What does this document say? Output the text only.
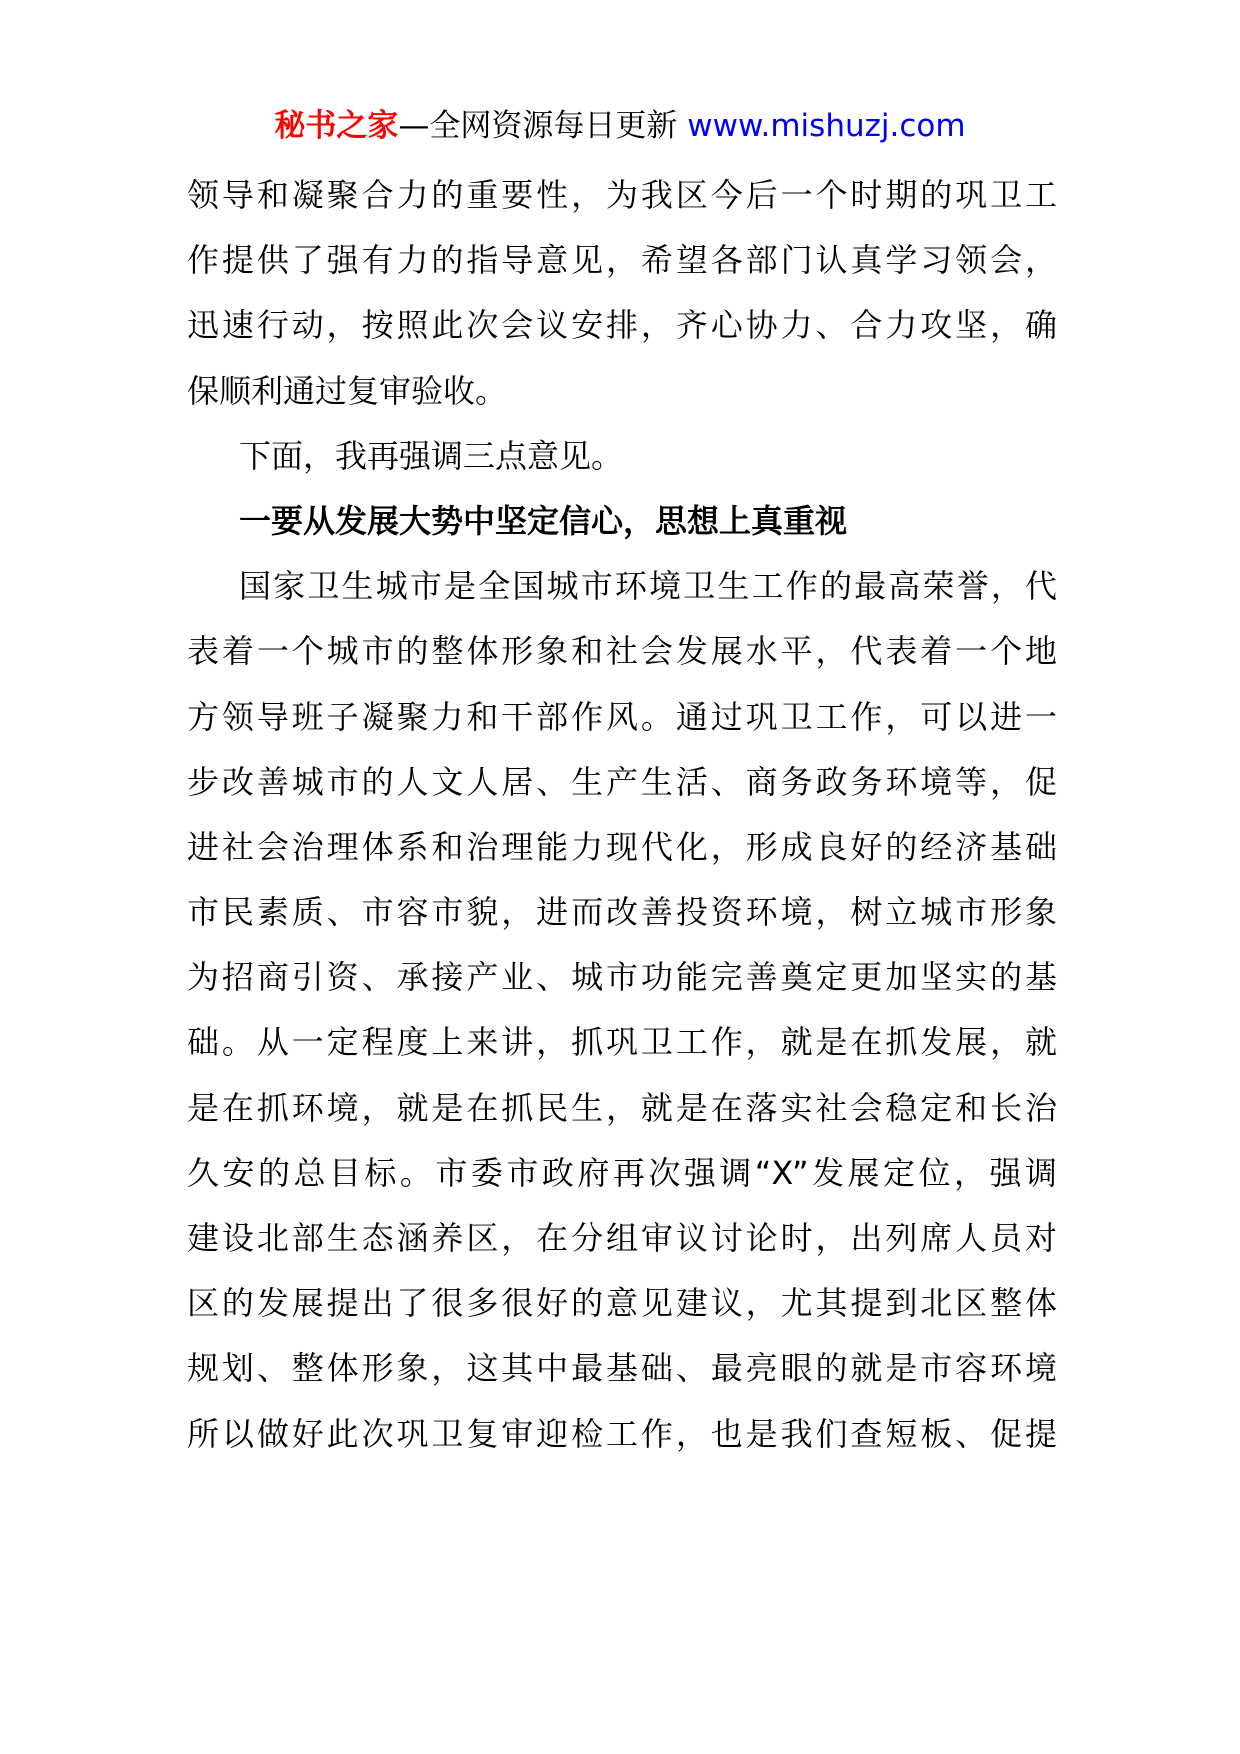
秘书之家—全网资源每日更新 www.mishuzj.com
领导和凝聚合力的重要性，为我区今后一个时期的巩卫工
作提供了强有力的指导意见，希望各部门认真学习领会，
迅速行动，按照此次会议安排，齐心协力、合力攻坚，确
保顺利通过复审验收。
下面，我再强调三点意见。
一要从发展大势中坚定信心，思想上真重视
国家卫生城市是全国城市环境卫生工作的最高荣誉，代
表着一个城市的整体形象和社会发展水平，代表着一个地
方领导班子凝聚力和干部作风。通过巩卫工作，可以进一
步改善城市的人文人居、生产生活、商务政务环境等，促
进社会治理体系和治理能力现代化，形成良好的经济基础
市民素质、市容市貌，进而改善投资环境，树立城市形象
为招商引资、承接产业、城市功能完善奠定更加坚实的基
础。从一定程度上来讲，抓巩卫工作，就是在抓发展，就
是在抓环境，就是在抓民生，就是在落实社会稳定和长治
久安的总目标。市委市政府再次强调“X”发展定位，强调
建设北部生态涵养区，在分组审议讨论时，出列席人员对
区的发展提出了很多很好的意见建议，尤其提到北区整体
规划、整体形象，这其中最基础、最亮眼的就是市容环境
所以做好此次巩卫复审迎检工作，也是我们查短板、促提
